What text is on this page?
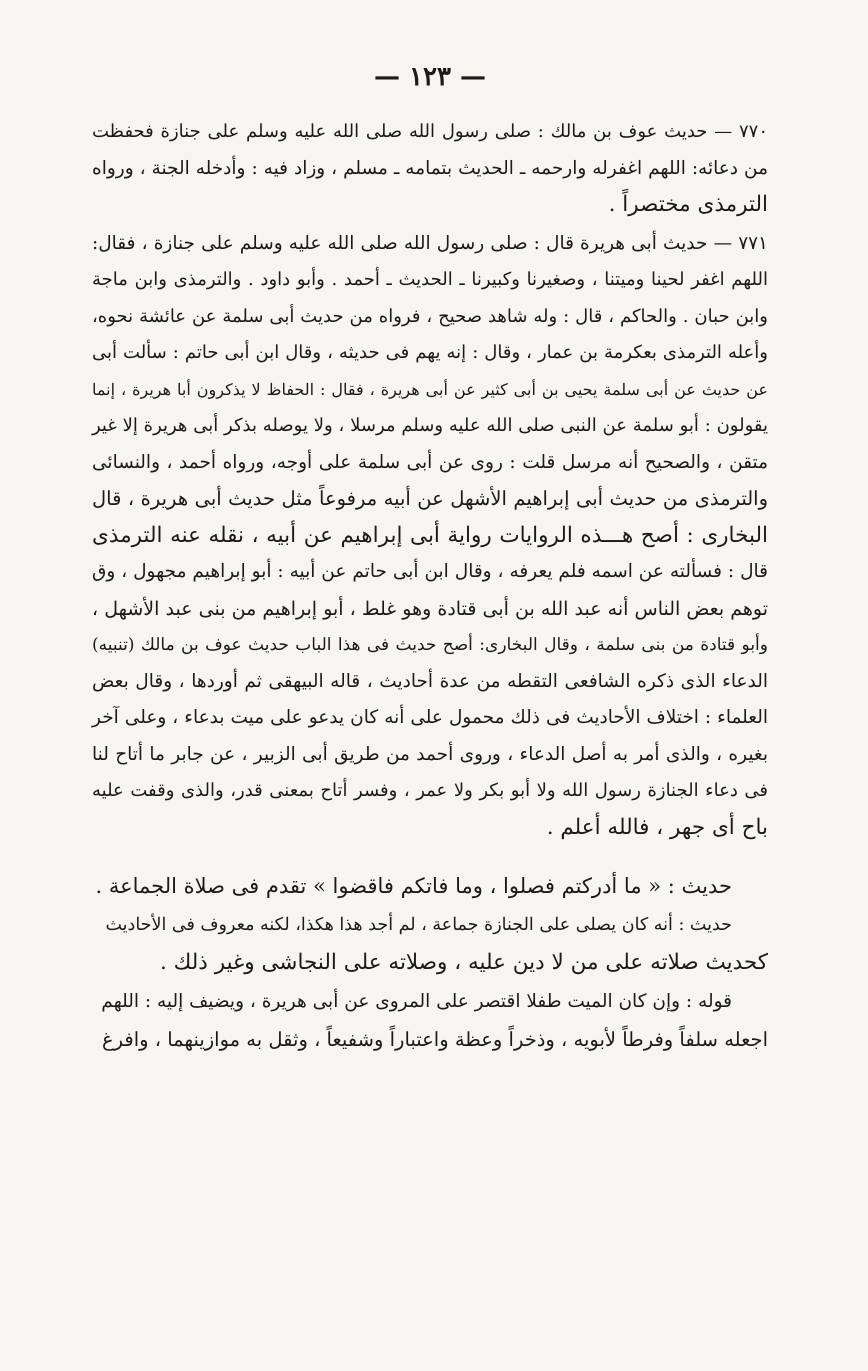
— ١٢٣ —
٧٧٠ — حديث عوف بن مالك : صلى رسول الله صلى الله عليه وسلم على جنازة فحفظت
من دعائه: اللهم اغفرله وارحمه ـ الحديث بتمامه ـ مسلم ، وزاد فيه : وأدخله الجنة ، ورواه
الترمذى مختصراً .
٧٧١ — حديث أبى هريرة قال : صلى رسول الله صلى الله عليه وسلم على جنازة ، فقال:
اللهم اغفر لحينا وميتنا ، وصغيرنا وكبيرنا ـ الحديث ـ أحمد . وأبو داود . والترمذى وابن ماجة
وابن حبان . والحاكم ، قال : وله شاهد صحيح ، فرواه من حديث أبى سلمة عن عائشة نحوه،
وأعله الترمذى بعكرمة بن عمار ، وقال : إنه يهم فى حديثه ، وقال ابن أبى حاتم : سألت أبى
عن حديث عن أبى سلمة يحيى بن أبى كثير عن أبى هريرة ، فقال : الحفاظ لا يذكرون أبا هريرة ، إنما
يقولون : أبو سلمة عن النبى صلى الله عليه وسلم مرسلا ، ولا يوصله بذكر أبى هريرة إلا غير
متقن ، والصحيح أنه مرسل قلت : روى عن أبى سلمة على أوجه، ورواه أحمد ، والنسائى
والترمذى من حديث أبى إبراهيم الأشهل عن أبيه مرفوعاً مثل حديث أبى هريرة ، قال
البخارى : أصح هـــذه الروايات رواية أبى إبراهيم عن أبيه ، نقله عنه الترمذى
قال : فسألته عن اسمه فلم يعرفه ، وقال ابن أبى حاتم عن أبيه : أبو إبراهيم مجهول ، وق
توهم بعض الناس أنه عبد الله بن أبى قتادة وهو غلط ، أبو إبراهيم من بنى عبد الأشهل ،
وأبو قتادة من بنى سلمة ، وقال البخارى: أصح حديث فى هذا الباب حديث عوف بن مالك (تنبيه)
الدعاء الذى ذكره الشافعى التقطه من عدة أحاديث ، قاله البيهقى ثم أوردها ، وقال بعض
العلماء : اختلاف الأحاديث فى ذلك محمول على أنه كان يدعو على ميت بدعاء ، وعلى آخر
بغيره ، والذى أمر به أصل الدعاء ، وروى أحمد من طريق أبى الزبير ، عن جابر ما أتاح لنا
فى دعاء الجنازة رسول الله ولا أبو بكر ولا عمر ، وفسر أتاح بمعنى قدر، والذى وقفت عليه
باح أى جهر ، فالله أعلم .
حديث : « ما أدركتم فصلوا ، وما فاتكم فاقضوا » تقدم فى صلاة الجماعة .
حديث : أنه كان يصلى على الجنازة جماعة ، لم أجد هذا هكذا، لكنه معروف فى الأحاديث
كحديث صلاته على من لا دين عليه ، وصلاته على النجاشى وغير ذلك .
قوله : وإن كان الميت طفلا اقتصر على المروى عن أبى هريرة ، ويضيف إليه : اللهم
اجعله سلفاً وفرطاً لأبويه ، وذخراً وعظة واعتباراً وشفيعاً ، وثقل به موازينهما ، وافرغ
